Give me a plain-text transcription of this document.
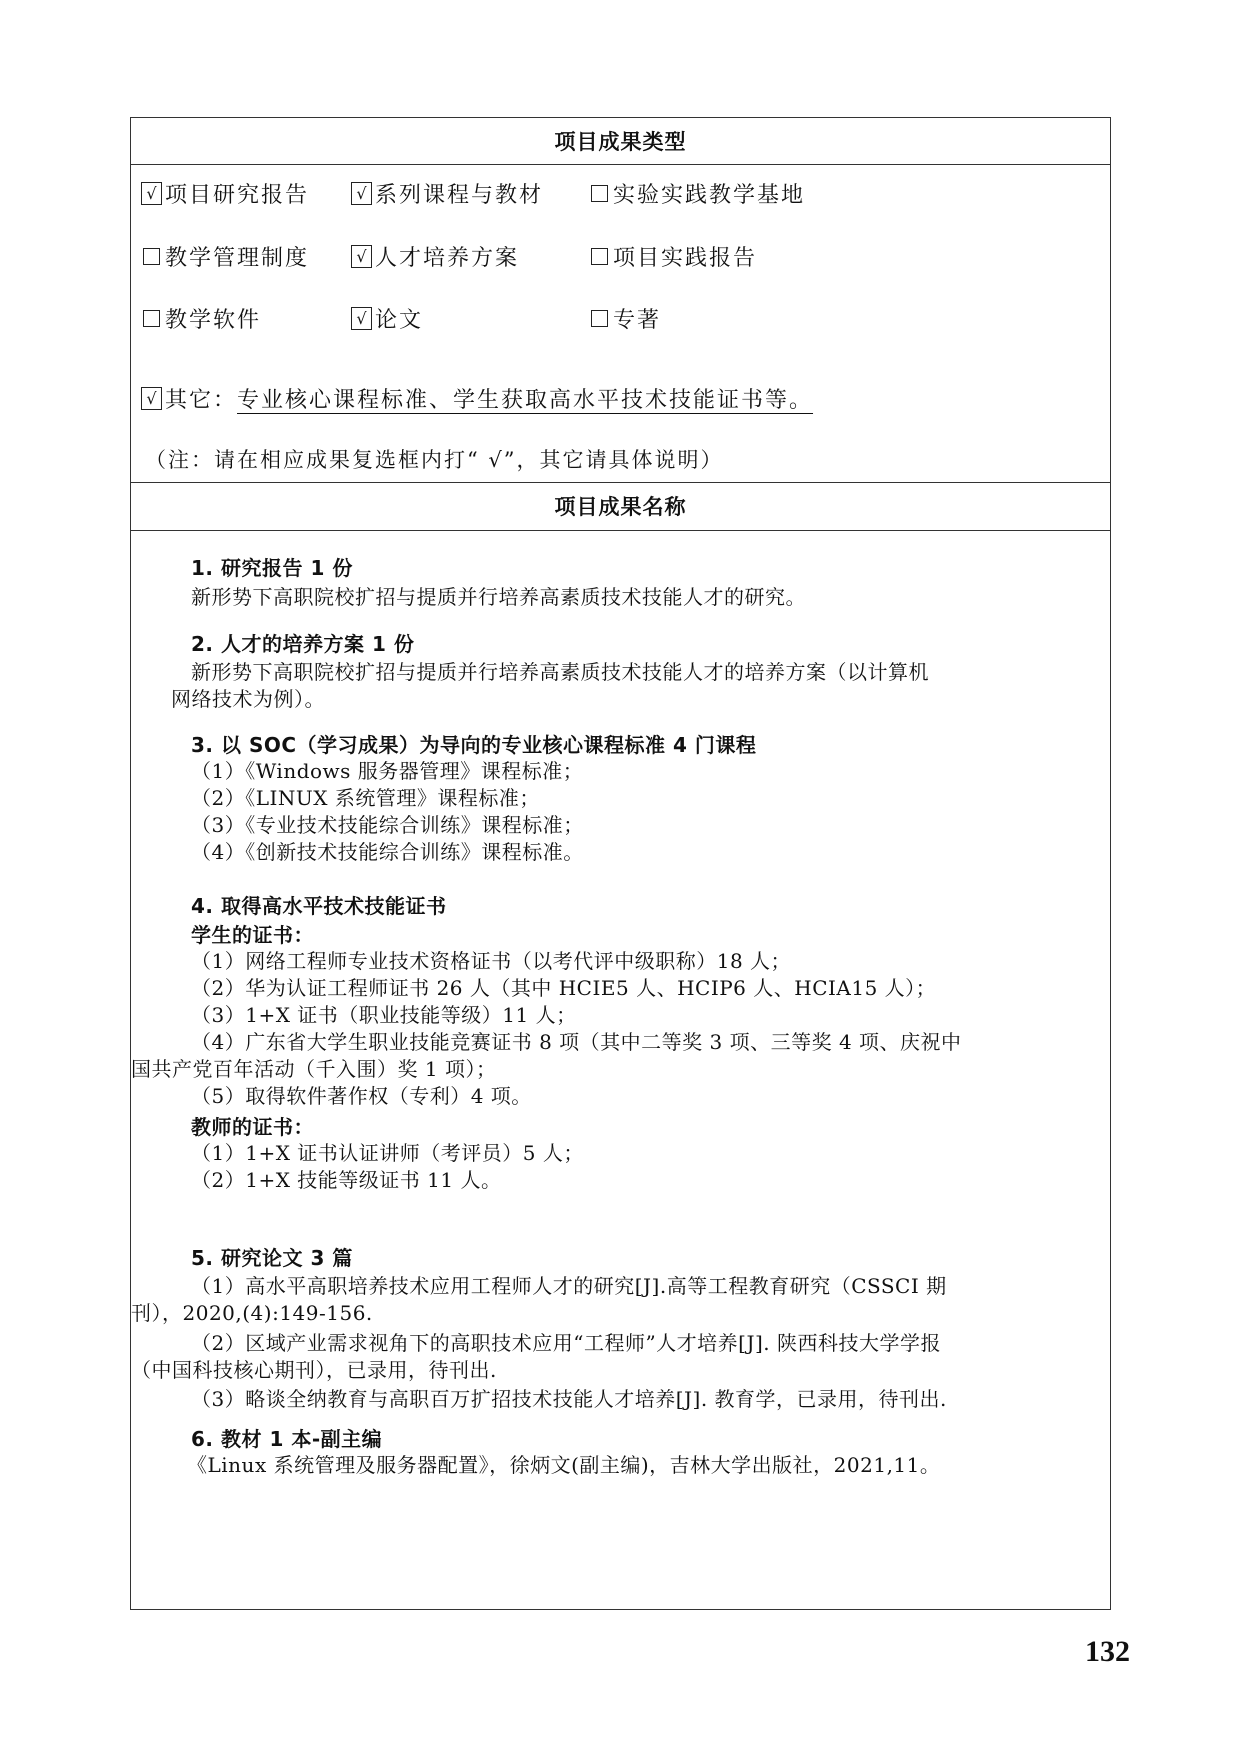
项目成果类型
√ 项目研究报告	√ 系列课程与教材	实验实践教学基地
教学管理制度	√ 人才培养方案	项目实践报告
教学软件	√ 论文	专著
√ 其它： 专业核心课程标准、学生获取高水平技术技能证书等。
（注：请在相应成果复选框内打“ √”，其它请具体说明）
项目成果名称
1. 研究报告 1 份
新形势下高职院校扩招与提质并行培养高素质技术技能人才的研究。
2. 人才的培养方案 1 份
新形势下高职院校扩招与提质并行培养高素质技术技能人才的培养方案（以计算机
网络技术为例）。
3. 以 SOC（学习成果）为导向的专业核心课程标准 4 门课程
（1）《Windows 服务器管理》课程标准；
（2）《LINUX 系统管理》课程标准；
（3）《专业技术技能综合训练》课程标准；
（4）《创新技术技能综合训练》课程标准。
4. 取得高水平技术技能证书
学生的证书：
（1）网络工程师专业技术资格证书（以考代评中级职称）18 人；
（2）华为认证工程师证书 26 人（其中 HCIE5 人、HCIP6 人、HCIA15 人）；
（3）1+X 证书（职业技能等级）11 人；
（4）广东省大学生职业技能竞赛证书 8 项（其中二等奖 3 项、三等奖 4 项、庆祝中
国共产党百年活动（千入围）奖 1 项）；
（5）取得软件著作权（专利）4 项。
教师的证书：
（1）1+X 证书认证讲师（考评员）5 人；
（2）1+X 技能等级证书 11 人。
5. 研究论文 3 篇
（1）高水平高职培养技术应用工程师人才的研究[J].高等工程教育研究（CSSCI 期
刊），2020,(4):149-156.
（2）区域产业需求视角下的高职技术应用“工程师”人才培养[J]. 陕西科技大学学报
（中国科技核心期刊），已录用，待刊出.
（3）略谈全纳教育与高职百万扩招技术技能人才培养[J]. 教育学，已录用，待刊出.
6. 教材 1 本-副主编
《Linux 系统管理及服务器配置》，徐炳文(副主编)，吉林大学出版社，2021,11。
132
